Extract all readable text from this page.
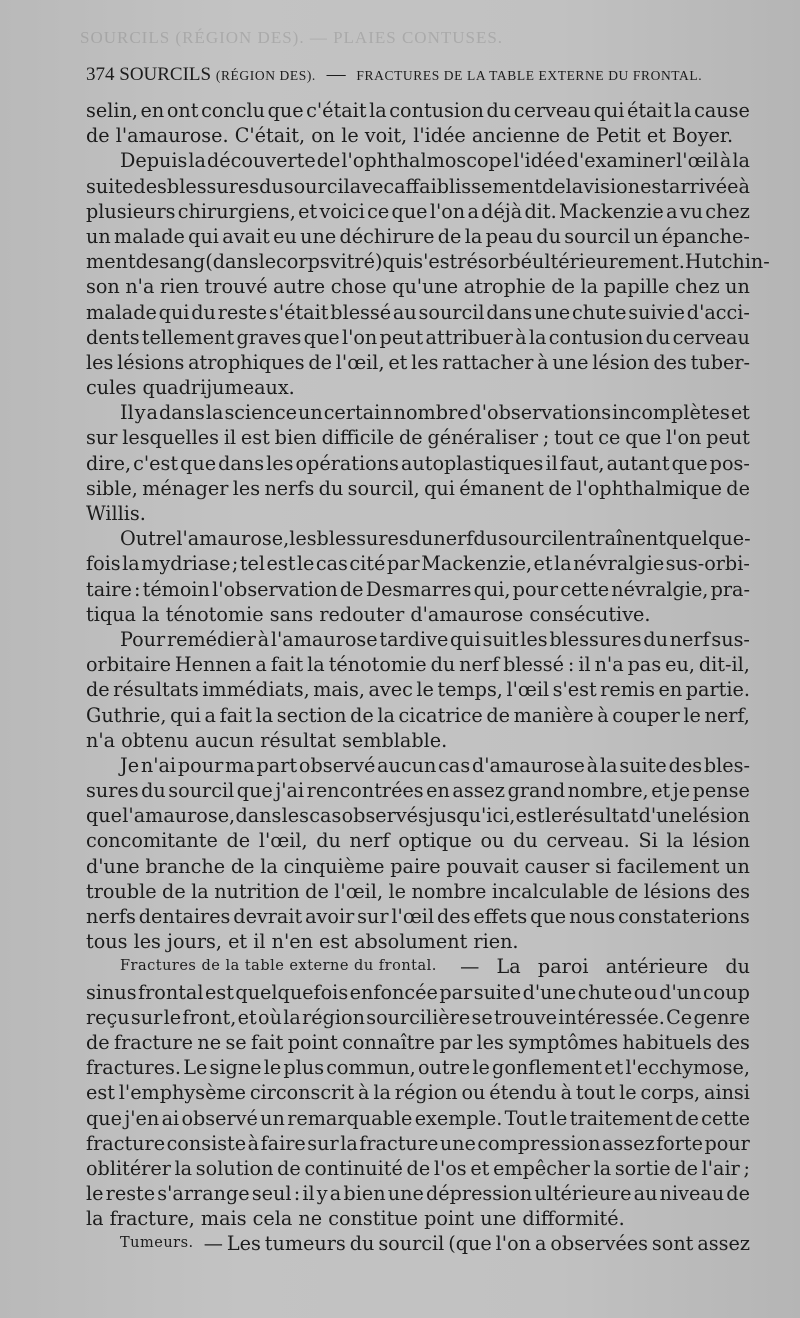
SOURCILS (RÉGION DES). — PLAIES CONTUSES.
374 SOURCILS (RÉGION DES). — FRACTURES DE LA TABLE EXTERNE DU FRONTAL.
selin, en ont conclu que c'était la contusion du cerveau qui était la cause
de l'amaurose. C'était, on le voit, l'idée ancienne de Petit et Boyer.
Depuis la découverte de l'ophthalmoscope l'idée d'examiner l'œil à la
suite des blessures du sourcil avec affaiblissement de la vision est arrivée à
plusieurs chirurgiens, et voici ce que l'on a déjà dit. Mackenzie a vu chez
un malade qui avait eu une déchirure de la peau du sourcil un épanche-
ment de sang (dans le corps vitré) qui s'est résorbé ultérieurement. Hutchin-
son n'a rien trouvé autre chose qu'une atrophie de la papille chez un
malade qui du reste s'était blessé au sourcil dans une chute suivie d'acci-
dents tellement graves que l'on peut attribuer à la contusion du cerveau
les lésions atrophiques de l'œil, et les rattacher à une lésion des tuber-
cules quadrijumeaux.
Il y a dans la science un certain nombre d'observations incomplètes et
sur lesquelles il est bien difficile de généraliser ; tout ce que l'on peut
dire, c'est que dans les opérations autoplastiques il faut, autant que pos-
sible, ménager les nerfs du sourcil, qui émanent de l'ophthalmique de
Willis.
Outre l'amaurose, les blessures du nerf du sourcil entraînent quelque-
fois la mydriase ; tel est le cas cité par Mackenzie, et la névralgie sus-orbi-
taire : témoin l'observation de Desmarres qui, pour cette névralgie, pra-
tiqua la ténotomie sans redouter d'amaurose consécutive.
Pour remédier à l'amaurose tardive qui suit les blessures du nerf sus-
orbitaire Hennen a fait la ténotomie du nerf blessé : il n'a pas eu, dit-il,
de résultats immédiats, mais, avec le temps, l'œil s'est remis en partie.
Guthrie, qui a fait la section de la cicatrice de manière à couper le nerf,
n'a obtenu aucun résultat semblable.
Je n'ai pour ma part observé aucun cas d'amaurose à la suite des bles-
sures du sourcil que j'ai rencontrées en assez grand nombre, et je pense
que l'amaurose, dans les cas observés jusqu'ici, est le résultat d'une lésion
concomitante de l'œil, du nerf optique ou du cerveau. Si la lésion
d'une branche de la cinquième paire pouvait causer si facilement un
trouble de la nutrition de l'œil, le nombre incalculable de lésions des
nerfs dentaires devrait avoir sur l'œil des effets que nous constaterions
tous les jours, et il n'en est absolument rien.
Fractures de la table externe du frontal. — La paroi antérieure du
sinus frontal est quelquefois enfoncée par suite d'une chute ou d'un coup
reçu sur le front, et où la région sourcilière se trouve intéressée. Ce genre
de fracture ne se fait point connaître par les symptômes habituels des
fractures. Le signe le plus commun, outre le gonflement et l'ecchymose,
est l'emphysème circonscrit à la région ou étendu à tout le corps, ainsi
que j'en ai observé un remarquable exemple. Tout le traitement de cette
fracture consiste à faire sur la fracture une compression assez forte pour
oblitérer la solution de continuité de l'os et empêcher la sortie de l'air ;
le reste s'arrange seul : il y a bien une dépression ultérieure au niveau de
la fracture, mais cela ne constitue point une difformité.
Tumeurs. — Les tumeurs du sourcil (que l'on a observées sont assez
